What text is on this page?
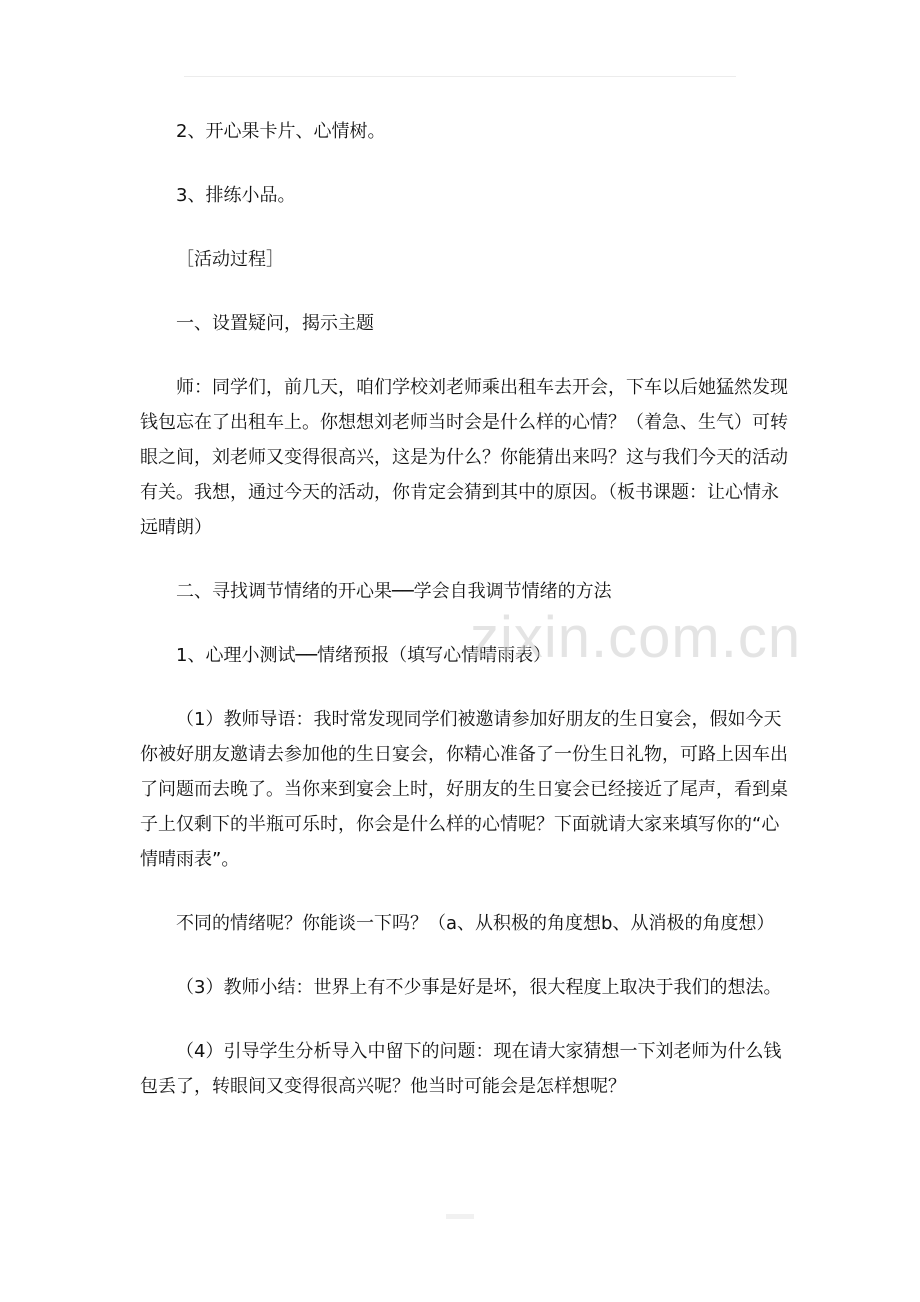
2、开心果卡片、心情树。

3、排练小品。

［活动过程］

一、设置疑问，揭示主题

师：同学们，前几天，咱们学校刘老师乘出租车去开会，下车以后她猛然发现钱包忘在了出租车上。你想想刘老师当时会是什么样的心情？（着急、生气）可转眼之间，刘老师又变得很高兴，这是为什么？你能猜出来吗？这与我们今天的活动有关。我想，通过今天的活动，你肯定会猜到其中的原因。（板书课题：让心情永远晴朗）

二、寻找调节情绪的开心果──学会自我调节情绪的方法

1、心理小测试──情绪预报（填写心情晴雨表）

（1）教师导语：我时常发现同学们被邀请参加好朋友的生日宴会，假如今天你被好朋友邀请去参加他的生日宴会，你精心准备了一份生日礼物，可路上因车出了问题而去晚了。当你来到宴会上时，好朋友的生日宴会已经接近了尾声，看到桌子上仅剩下的半瓶可乐时，你会是什么样的心情呢？下面就请大家来填写你的“心情晴雨表”。

不同的情绪呢？你能谈一下吗？（a、从积极的角度想b、从消极的角度想）

（3）教师小结：世界上有不少事是好是坏，很大程度上取决于我们的想法。

（4）引导学生分析导入中留下的问题：现在请大家猜想一下刘老师为什么钱包丢了，转眼间又变得很高兴呢？他当时可能会是怎样想呢？

zixin.com.cn
